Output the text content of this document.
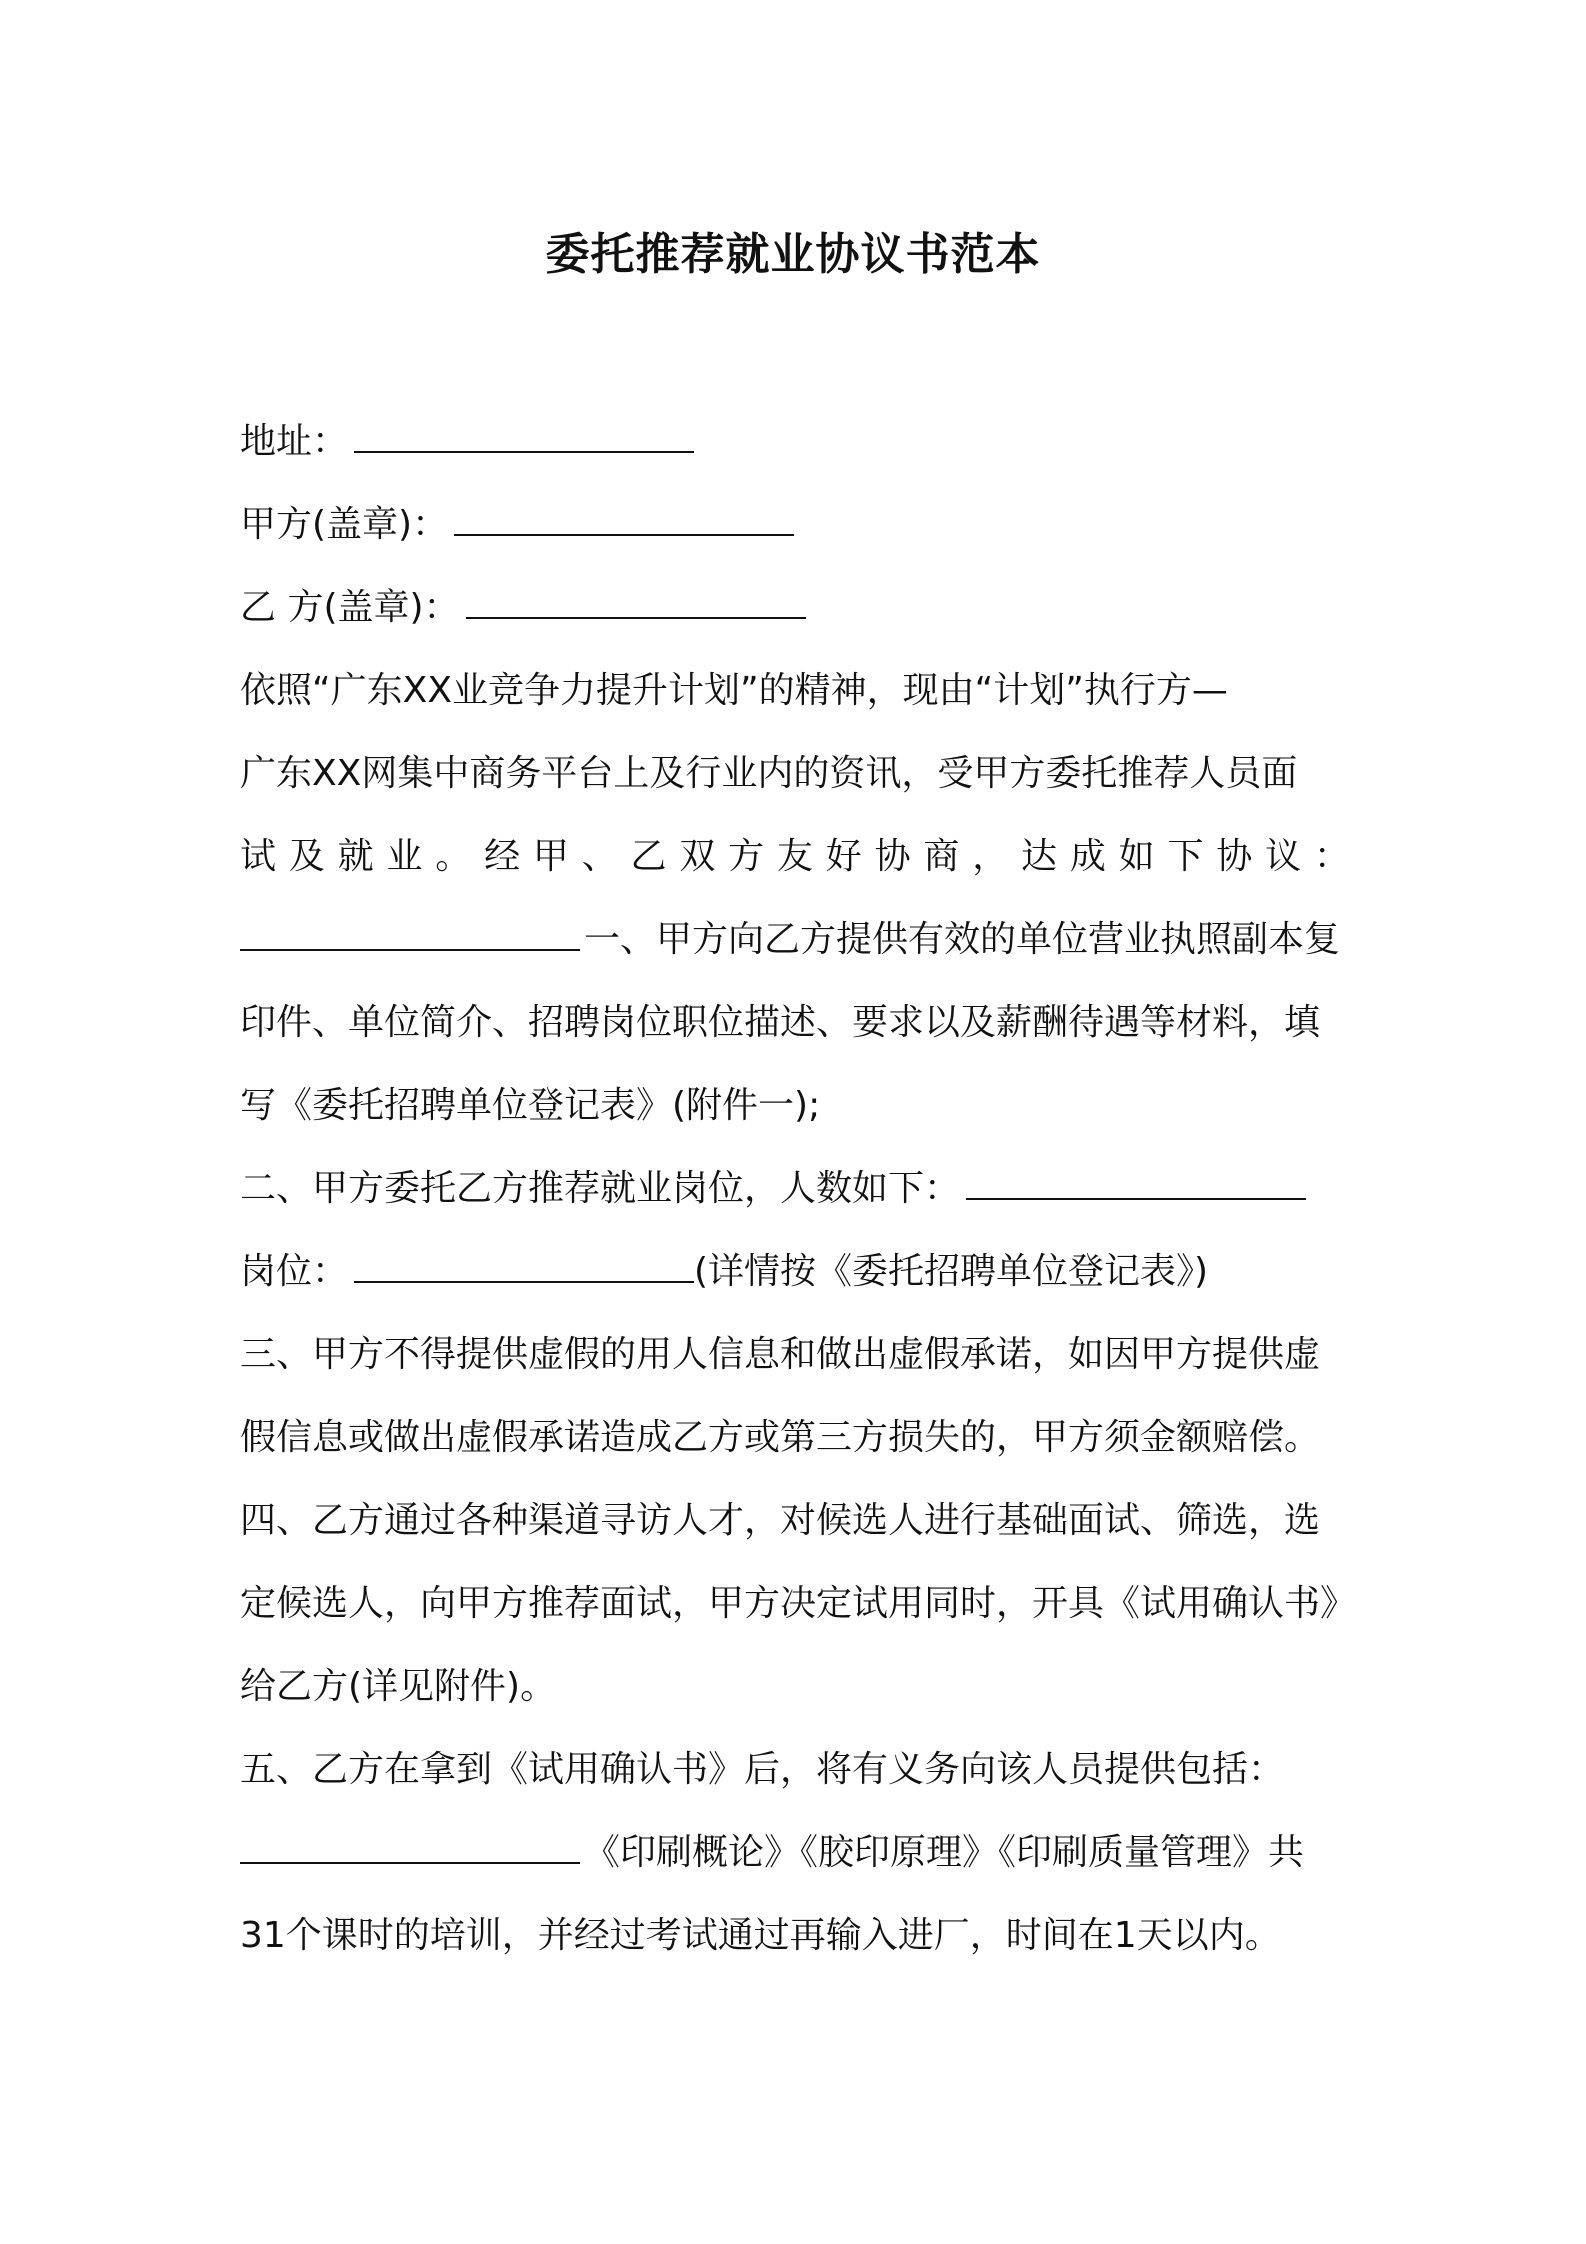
委托推荐就业协议书范本
地址：
甲方(盖章)：
乙 方(盖章)：
依照“广东XX业竞争力提升计划”的精神，现由“计划”执行方—
广东XX网集中商务平台上及行业内的资讯，受甲方委托推荐人员面
试 及 就 业 。 经 甲 、 乙 双 方 友 好 协 商 ， 达 成 如 下 协 议 ：
一、甲方向乙方提供有效的单位营业执照副本复
印件、单位简介、招聘岗位职位描述、要求以及薪酬待遇等材料，填
写《委托招聘单位登记表》(附件一);
二、甲方委托乙方推荐就业岗位，人数如下：
岗位：	(详情按《委托招聘单位登记表》)
三、甲方不得提供虚假的用人信息和做出虚假承诺，如因甲方提供虚
假信息或做出虚假承诺造成乙方或第三方损失的，甲方须金额赔偿。
四、乙方通过各种渠道寻访人才，对候选人进行基础面试、筛选，选
定候选人，向甲方推荐面试，甲方决定试用同时，开具《试用确认书》
给乙方(详见附件)。
五、乙方在拿到《试用确认书》后，将有义务向该人员提供包括：
《印刷概论》《胶印原理》《印刷质量管理》共
31个课时的培训，并经过考试通过再输入进厂，时间在1天以内。
